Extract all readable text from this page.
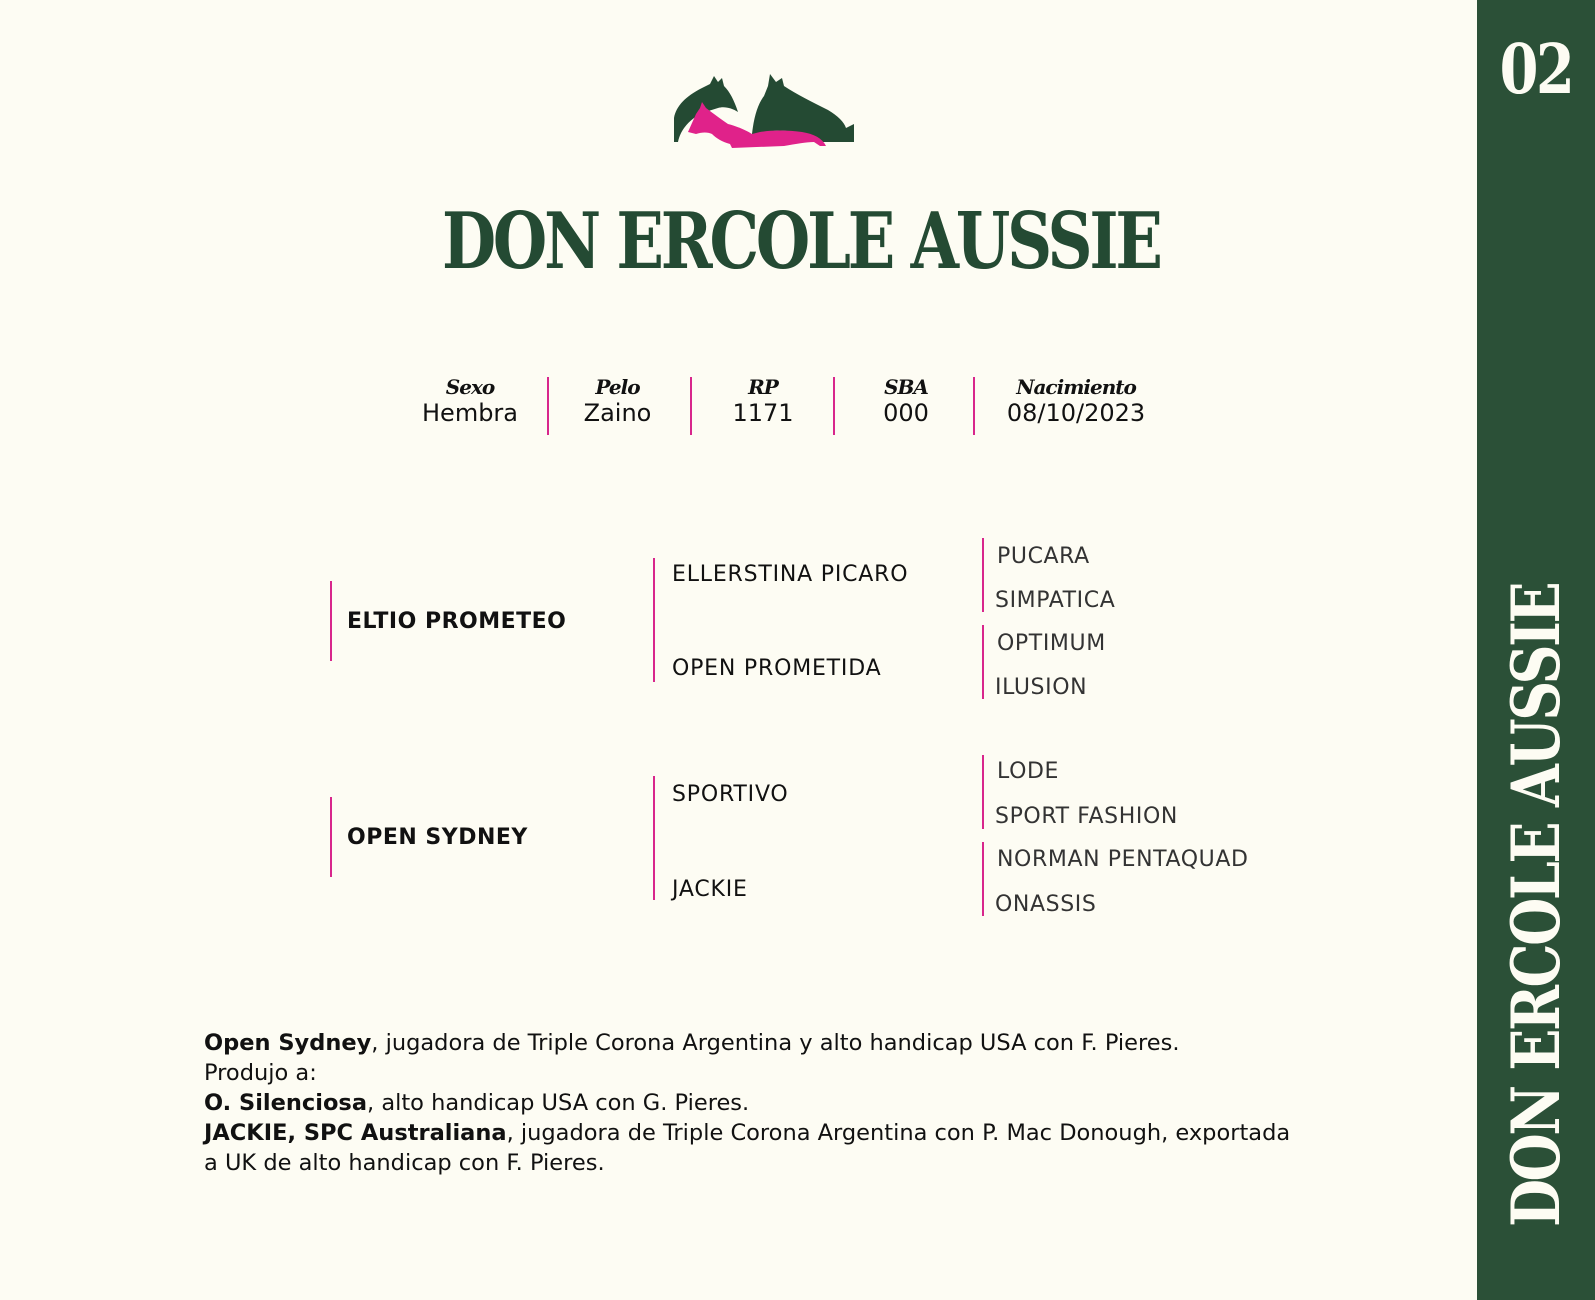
02
DON ERCOLE AUSSIE
DON ERCOLE AUSSIE
Sexo
Hembra
Pelo
Zaino
RP
1171
SBA
000
Nacimiento
08/10/2023
ELTIO PROMETEO
ELLERSTINA PICARO
OPEN PROMETIDA
PUCARA
SIMPATICA
OPTIMUM
ILUSION
OPEN SYDNEY
SPORTIVO
JACKIE
LODE
SPORT FASHION
NORMAN PENTAQUAD
ONASSIS

Open Sydney, jugadora de Triple Corona Argentina y alto handicap USA con F. Pieres.

Produjo a:

O. Silenciosa, alto handicap USA con G. Pieres.

JACKIE, SPC Australiana, jugadora de Triple Corona Argentina con P. Mac Donough, exportada a UK de alto handicap con F. Pieres.
